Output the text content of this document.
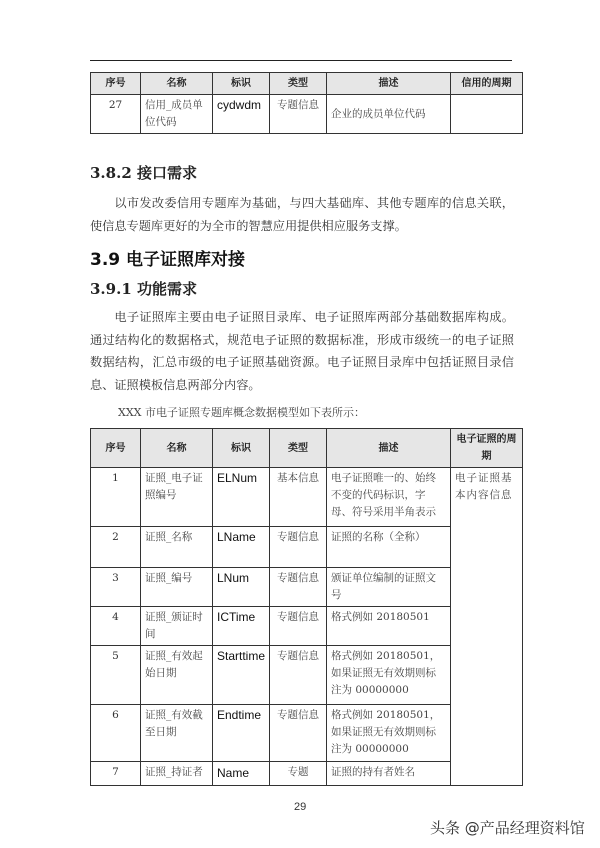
序号	名称	标识	类型	描述	信用的周期
27	信用_成员单位代码	cydwdm	专题信息	企业的成员单位代码	
3.8.2 接口需求
以市发改委信用专题库为基础，与四大基础库、其他专题库的信息关联，使信息专题库更好的为全市的智慧应用提供相应服务支撑。
3.9 电子证照库对接
3.9.1 功能需求
电子证照库主要由电子证照目录库、电子证照库两部分基础数据库构成。通过结构化的数据格式，规范电子证照的数据标准，形成市级统一的电子证照数据结构，汇总市级的电子证照基础资源。电子证照目录库中包括证照目录信息、证照模板信息两部分内容。
XXX 市电子证照专题库概念数据模型如下表所示：
序号	名称	标识	类型	描述	电子证照的周期
1	证照_电子证照编号	ELNum	基本信息	电子证照唯一的、始终不变的代码标识，字母、符号采用半角表示	电子证照基本内容信息
2	证照_名称	LName	专题信息	证照的名称（全称）	
3	证照_编号	LNum	专题信息	颁证单位编制的证照文号	
4	证照_颁证时间	ICTime	专题信息	格式例如 20180501	
5	证照_有效起始日期	Starttime	专题信息	格式例如 20180501，如果证照无有效期则标注为 00000000	
6	证照_有效截至日期	Endtime	专题信息	格式例如 20180501，如果证照无有效期则标注为 00000000	
7	证照_持证者	Name	专题	证照的持有者姓名	
29
头条 @产品经理资料馆
